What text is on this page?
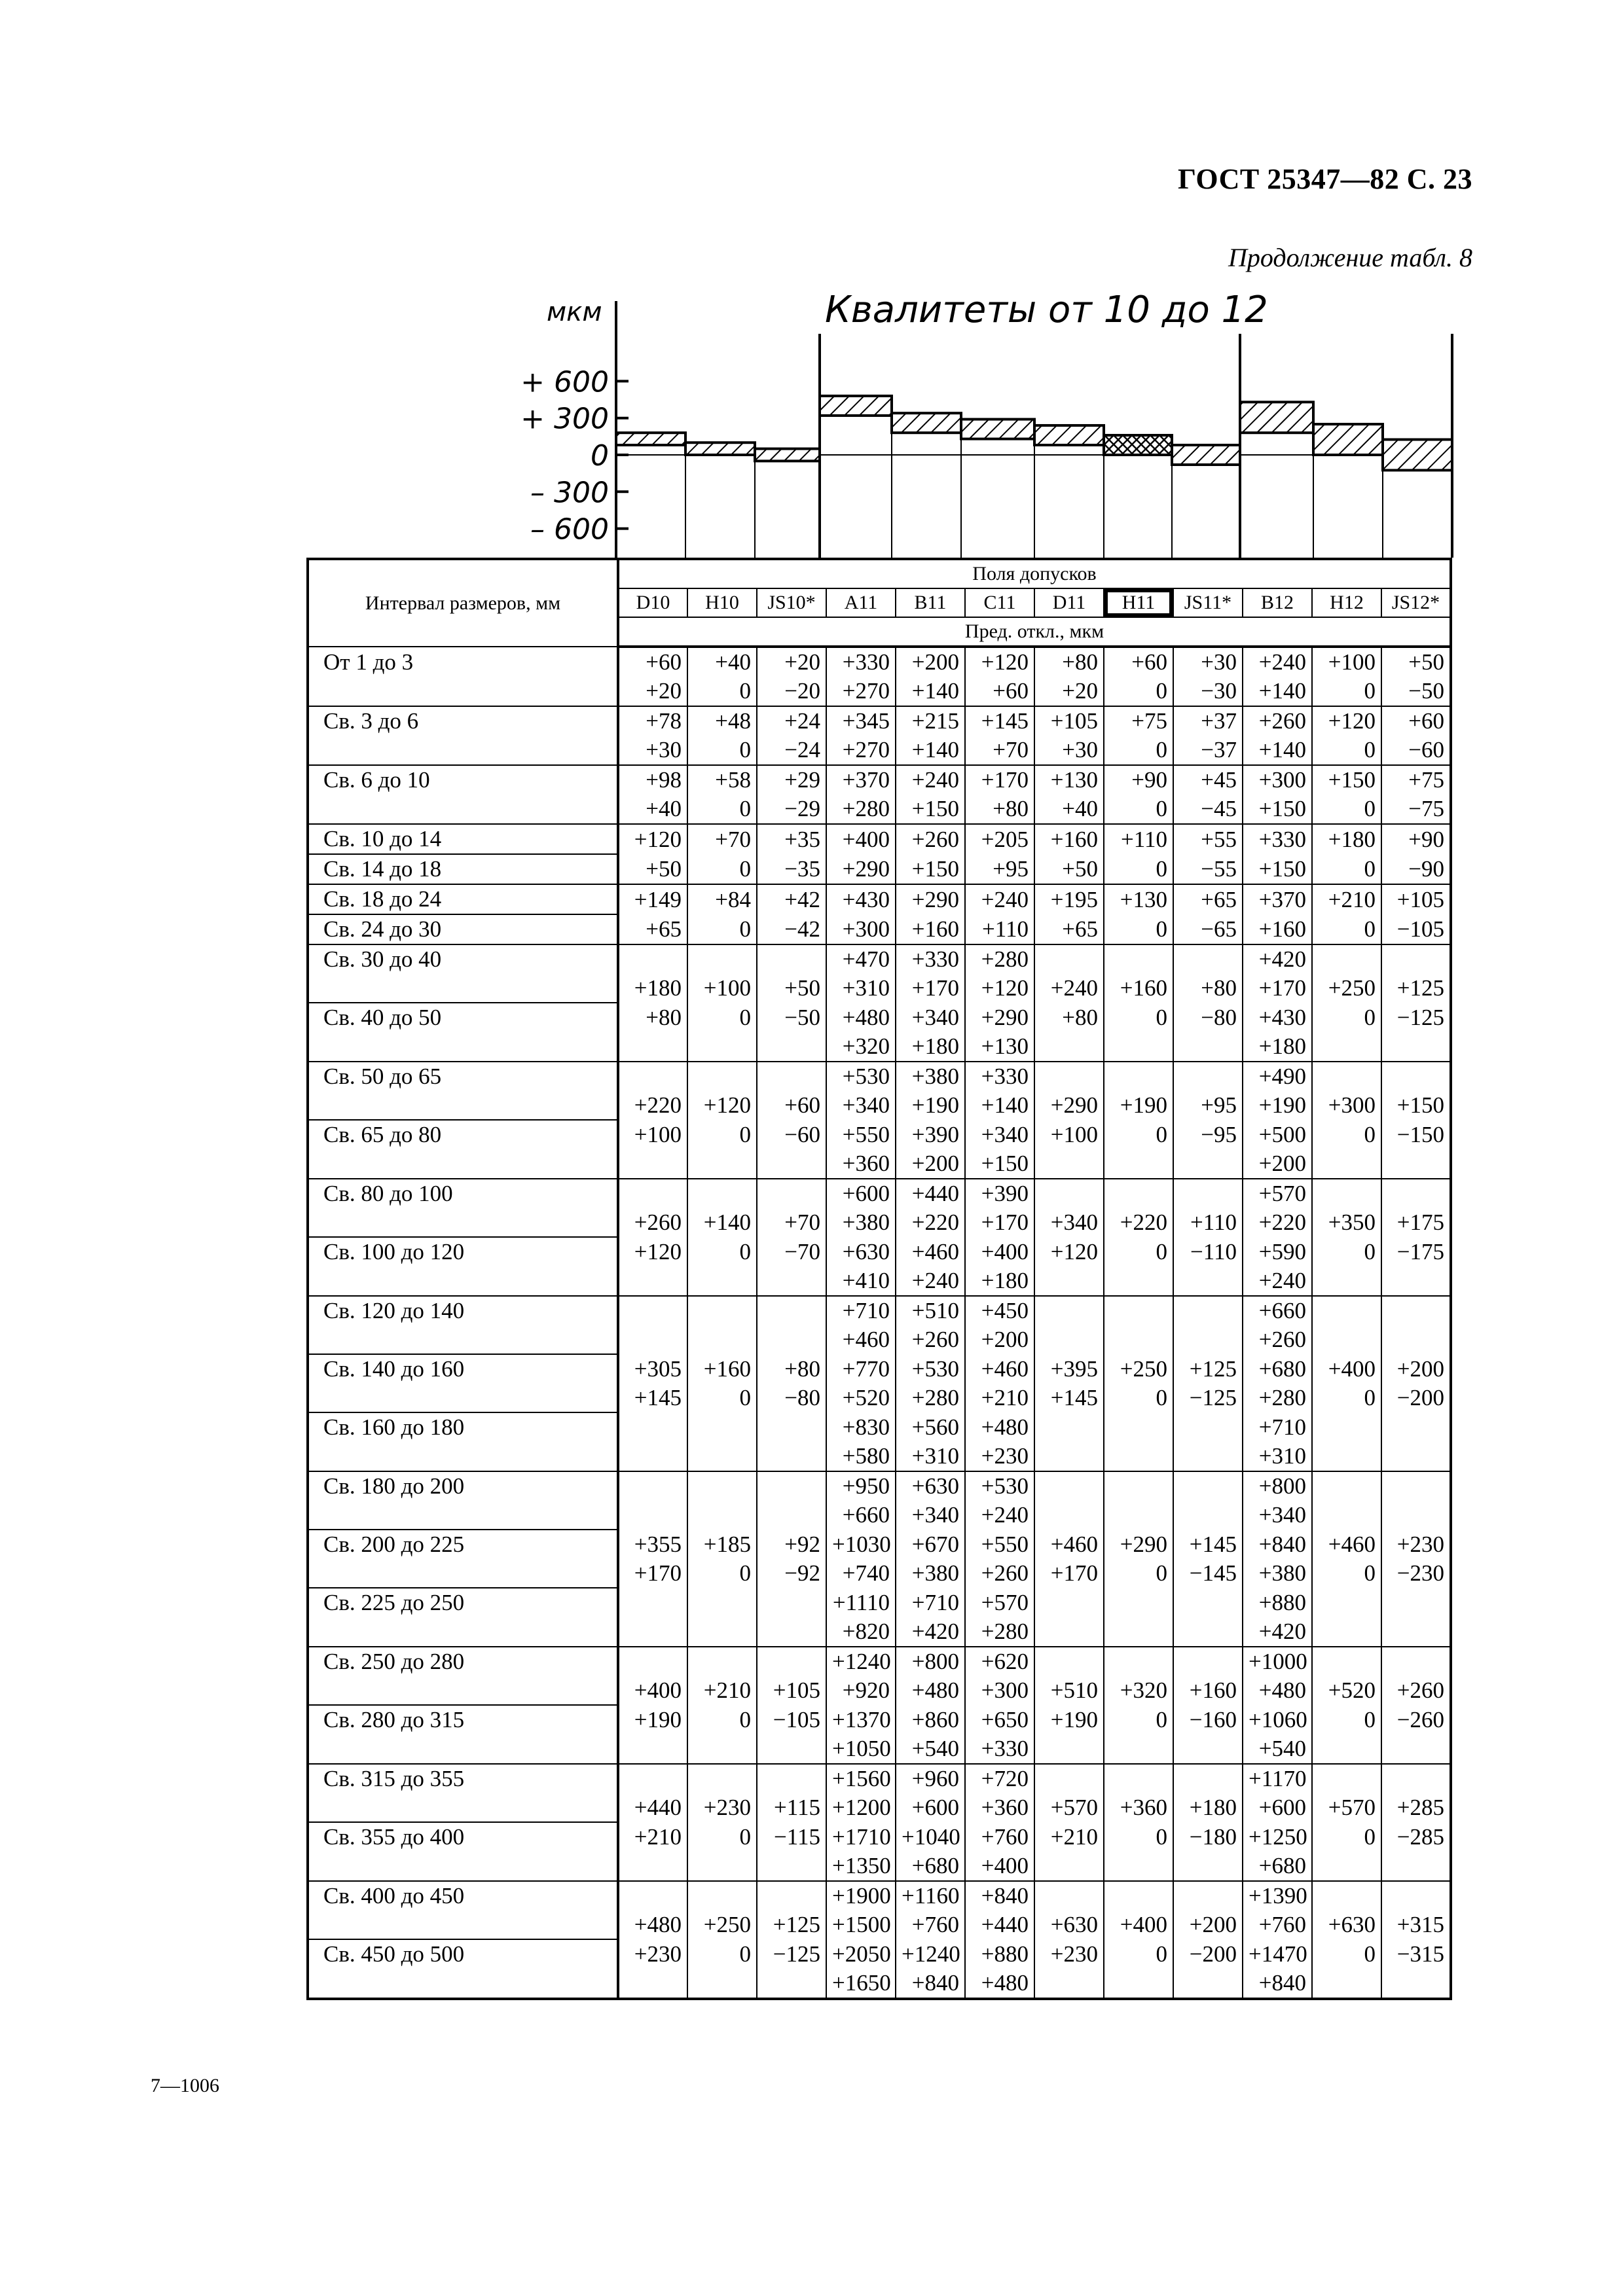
ГОСТ 25347—82 С. 23
Продолжение табл. 8
Квалитеты от 10 до 12
мкм
+ 600
+ 300
0
– 300
– 600
Интервал размеров, мм	Поля допусков											
	D10	H10	JS10*	A11	B11	C11	D11	H11	JS11*	B12	H12	JS12*
	Пред. откл., мкм											
От 1 до 3	+60	+40	+20	+330	+200	+120	+80	+60	+30	+240	+100	+50
	+20	0	−20	+270	+140	+60	+20	0	−30	+140	0	−50
Св. 3 до 6	+78	+48	+24	+345	+215	+145	+105	+75	+37	+260	+120	+60
	+30	0	−24	+270	+140	+70	+30	0	−37	+140	0	−60
Св. 6 до 10	+98	+58	+29	+370	+240	+170	+130	+90	+45	+300	+150	+75
	+40	0	−29	+280	+150	+80	+40	0	−45	+150	0	−75
Св. 10 до 14	+120	+70	+35	+400	+260	+205	+160	+110	+55	+330	+180	+90
Св. 14 до 18	+50	0	−35	+290	+150	+95	+50	0	−55	+150	0	−90
Св. 18 до 24	+149	+84	+42	+430	+290	+240	+195	+130	+65	+370	+210	+105
Св. 24 до 30	+65	0	−42	+300	+160	+110	+65	0	−65	+160	0	−105
Св. 30 до 40				+470	+330	+280				+420		
	+180	+100	+50	+310	+170	+120	+240	+160	+80	+170	+250	+125
Св. 40 до 50	+80	0	−50	+480	+340	+290	+80	0	−80	+430	0	−125
				+320	+180	+130				+180		
Св. 50 до 65				+530	+380	+330				+490		
	+220	+120	+60	+340	+190	+140	+290	+190	+95	+190	+300	+150
Св. 65 до 80	+100	0	−60	+550	+390	+340	+100	0	−95	+500	0	−150
				+360	+200	+150				+200		
Св. 80 до 100				+600	+440	+390				+570		
	+260	+140	+70	+380	+220	+170	+340	+220	+110	+220	+350	+175
Св. 100 до 120	+120	0	−70	+630	+460	+400	+120	0	−110	+590	0	−175
				+410	+240	+180				+240		
Св. 120 до 140				+710	+510	+450				+660		
				+460	+260	+200				+260		
Св. 140 до 160	+305	+160	+80	+770	+530	+460	+395	+250	+125	+680	+400	+200
	+145	0	−80	+520	+280	+210	+145	0	−125	+280	0	−200
Св. 160 до 180				+830	+560	+480				+710		
				+580	+310	+230				+310		
Св. 180 до 200				+950	+630	+530				+800		
				+660	+340	+240				+340		
Св. 200 до 225	+355	+185	+92	+1030	+670	+550	+460	+290	+145	+840	+460	+230
	+170	0	−92	+740	+380	+260	+170	0	−145	+380	0	−230
Св. 225 до 250				+1110	+710	+570				+880		
				+820	+420	+280				+420		
Св. 250 до 280				+1240	+800	+620				+1000		
	+400	+210	+105	+920	+480	+300	+510	+320	+160	+480	+520	+260
Св. 280 до 315	+190	0	−105	+1370	+860	+650	+190	0	−160	+1060	0	−260
				+1050	+540	+330				+540		
Св. 315 до 355				+1560	+960	+720				+1170		
	+440	+230	+115	+1200	+600	+360	+570	+360	+180	+600	+570	+285
Св. 355 до 400	+210	0	−115	+1710	+1040	+760	+210	0	−180	+1250	0	−285
				+1350	+680	+400				+680		
Св. 400 до 450				+1900	+1160	+840				+1390		
	+480	+250	+125	+1500	+760	+440	+630	+400	+200	+760	+630	+315
Св. 450 до 500	+230	0	−125	+2050	+1240	+880	+230	0	−200	+1470	0	−315
				+1650	+840	+480				+840		
7—1006
